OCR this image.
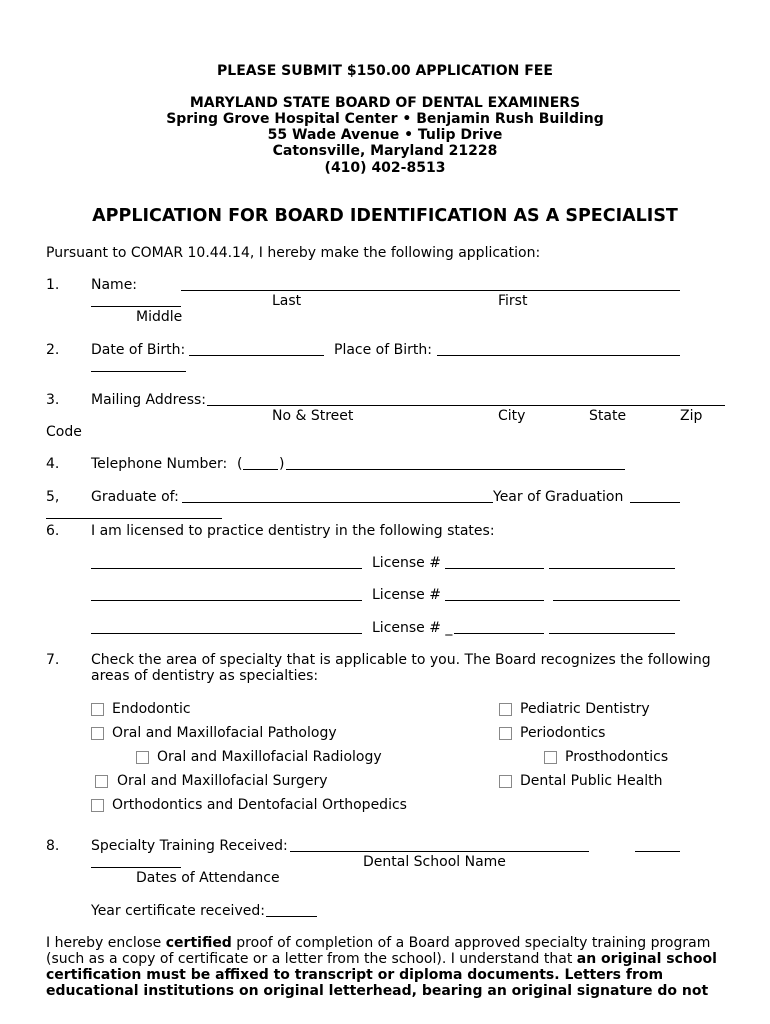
PLEASE SUBMIT $150.00 APPLICATION FEE
MARYLAND STATE BOARD OF DENTAL EXAMINERS
Spring Grove Hospital Center • Benjamin Rush Building
55 Wade Avenue • Tulip Drive
Catonsville, Maryland 21228
(410) 402-8513
APPLICATION FOR BOARD IDENTIFICATION AS A SPECIALIST
Pursuant to COMAR 10.44.14, I hereby make the following application:
1. Name:
Last	First
Middle
2. Date of Birth:	Place of Birth:
3. Mailing Address:
No & Street	City	State	Zip
Code
4. Telephone Number: (	)
5, Graduate of:	Year of Graduation
6. I am licensed to practice dentistry in the following states:
License #
License #
License # _
7. Check the area of specialty that is applicable to you. The Board recognizes the following
areas of dentistry as specialties:
Endodontic	Pediatric Dentistry
Oral and Maxillofacial Pathology	Periodontics
Oral and Maxillofacial Radiology	Prosthodontics
Oral and Maxillofacial Surgery	Dental Public Health
Orthodontics and Dentofacial Orthopedics
8. Specialty Training Received:
Dental School Name
Dates of Attendance
Year certificate received:
I hereby enclose certified proof of completion of a Board approved specialty training program (such as a copy of certificate or a letter from the school). I understand that an original school certification must be affixed to transcript or diploma documents. Letters from educational institutions on original letterhead, bearing an original signature do not
